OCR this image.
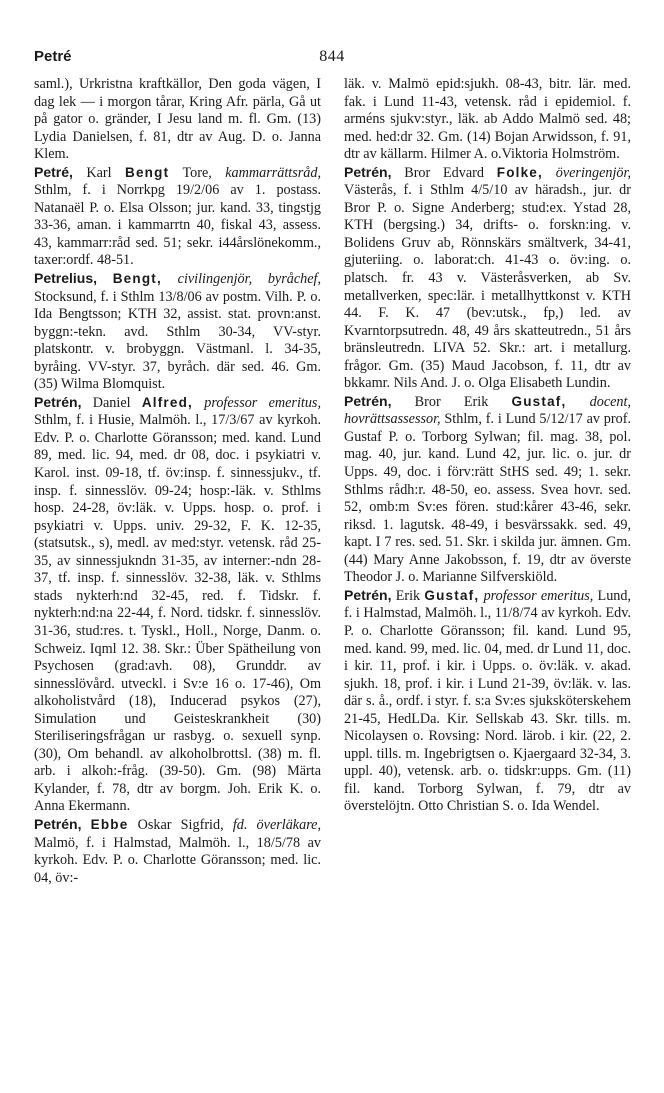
Petré	844

saml.), Urkristna kraftkällor, Den goda vägen, I dag lek — i morgon tårar, Kring Afr. pärla, Gå ut på gator o. gränder, I Jesu land m. fl. Gm. (13) Lydia Danielsen, f. 81, dtr av Aug. D. o. Janna Klem.

Petré, Karl Bengt Tore, kammarrättsråd, Sthlm, f. i Norrkpg 19/2/06 av 1. postass. Natanaël P. o. Elsa Olsson; jur. kand. 33, tingstjg 33-36, aman. i kammarrtn 40, fiskal 43, assess. 43, kammarr:råd sed. 51; sekr. i44årslönekomm., taxer:ordf. 48-51.

Petrelius, Bengt, civilingenjör, byråchef, Stocksund, f. i Sthlm 13/8/06 av postm. Vilh. P. o. Ida Bengtsson; KTH 32, assist. stat. provn:anst. byggn:-tekn. avd. Sthlm 30-34, VV-styr. platskontr. v. brobyggn. Västmanl. l. 34-35, byråing. VV-styr. 37, byråch. där sed. 46. Gm. (35) Wilma Blomquist.

Petrén, Daniel Alfred, professor emeritus, Sthlm, f. i Husie, Malmöh. l., 17/3/67 av kyrkoh. Edv. P. o. Charlotte Göransson; med. kand. Lund 89, med. lic. 94, med. dr 08, doc. i psykiatri v. Karol. inst. 09-18, tf. öv:insp. f. sinnessjukv., tf. insp. f. sinnesslöv. 09-24; hosp:-läk. v. Sthlms hosp. 24-28, öv:läk. v. Upps. hosp. o. prof. i psykiatri v. Upps. univ. 29-32, F. K. 12-35, (statsutsk., s), medl. av med:styr. vetensk. råd 25-35, av sinnessjukndn 31-35, av interner:-ndn 28-37, tf. insp. f. sinnesslöv. 32-38, läk. v. Sthlms stads nykterh:nd 32-45, red. f. Tidskr. f. nykterh:nd:na 22-44, f. Nord. tidskr. f. sinnesslöv. 31-36, stud:res. t. Tyskl., Holl., Norge, Danm. o. Schweiz. Iqml 12. 38. Skr.: Über Spätheilung von Psychosen (grad:avh. 08), Grunddr. av sinnesslövård. utveckl. i Sv:e 16 o. 17-46), Om alkoholistvård (18), Inducerad psykos (27), Simulation und Geisteskrankheit (30) Steriliseringsfrågan ur rasbyg. o. sexuell synp. (30), Om behandl. av alkoholbrottsl. (38) m. fl. arb. i alkoh:-fråg. (39-50). Gm. (98) Märta Kylander, f. 78, dtr av borgm. Joh. Erik K. o. Anna Ekermann.

Petrén, Ebbe Oskar Sigfrid, fd. överläkare, Malmö, f. i Halmstad, Malmöh. l., 18/5/78 av kyrkoh. Edv. P. o. Charlotte Göransson; med. lic. 04, öv:-

läk. v. Malmö epid:sjukh. 08-43, bitr. lär. med. fak. i Lund 11-43, vetensk. råd i epidemiol. f. arméns sjukv:styr., läk. ab Addo Malmö sed. 48; med. hed:dr 32. Gm. (14) Bojan Arwidsson, f. 91, dtr av källarm. Hilmer A. o.Viktoria Holmström.

Petrén, Bror Edvard Folke, överingenjör, Västerås, f. i Sthlm 4/5/10 av häradsh., jur. dr Bror P. o. Signe Anderberg; stud:ex. Ystad 28, KTH (bergsing.) 34, drifts- o. forskn:ing. v. Bolidens Gruv ab, Rönnskärs smältverk, 34-41, gjuteriing. o. laborat:ch. 41-43 o. öv:ing. o. platsch. fr. 43 v. Västeråsverken, ab Sv. metallverken, spec:lär. i metallhyttkonst v. KTH 44. F. K. 47 (bev:utsk., fp,) led. av Kvarntorpsutredn. 48, 49 års skatteutredn., 51 års bränsleutredn. LIVA 52. Skr.: art. i metallurg. frågor. Gm. (35) Maud Jacobson, f. 11, dtr av bkkamr. Nils And. J. o. Olga Elisabeth Lundin.

Petrén, Bror Erik Gustaf, docent, hovrättsassessor, Sthlm, f. i Lund 5/12/17 av prof. Gustaf P. o. Torborg Sylwan; fil. mag. 38, pol. mag. 40, jur. kand. Lund 42, jur. lic. o. jur. dr Upps. 49, doc. i förv:rätt StHS sed. 49; 1. sekr. Sthlms rådh:r. 48-50, eo. assess. Svea hovr. sed. 52, omb:m Sv:es fören. stud:kårer 43-46, sekr. riksd. 1. lagutsk. 48-49, i besvärssakk. sed. 49, kapt. I 7 res. sed. 51. Skr. i skilda jur. ämnen. Gm. (44) Mary Anne Jakobsson, f. 19, dtr av överste Theodor J. o. Marianne Silfverskiöld.

Petrén, Erik Gustaf, professor emeritus, Lund, f. i Halmstad, Malmöh. l., 11/8/74 av kyrkoh. Edv. P. o. Charlotte Göransson; fil. kand. Lund 95, med. kand. 99, med. lic. 04, med. dr Lund 11, doc. i kir. 11, prof. i kir. i Upps. o. öv:läk. v. akad. sjukh. 18, prof. i kir. i Lund 21-39, öv:läk. v. las. där s. å., ordf. i styr. f. s:a Sv:es sjuksköterskehem 21-45, HedLDa. Kir. Sellskab 43. Skr. tills. m. Nicolaysen o. Rovsing: Nord. lärob. i kir. (22, 2. uppl. tills. m. Ingebrigtsen o. Kjaergaard 32-34, 3. uppl. 40), vetensk. arb. o. tidskr:upps. Gm. (11) fil. kand. Torborg Sylwan, f. 79, dtr av överstelöjtn. Otto Christian S. o. Ida Wendel.
